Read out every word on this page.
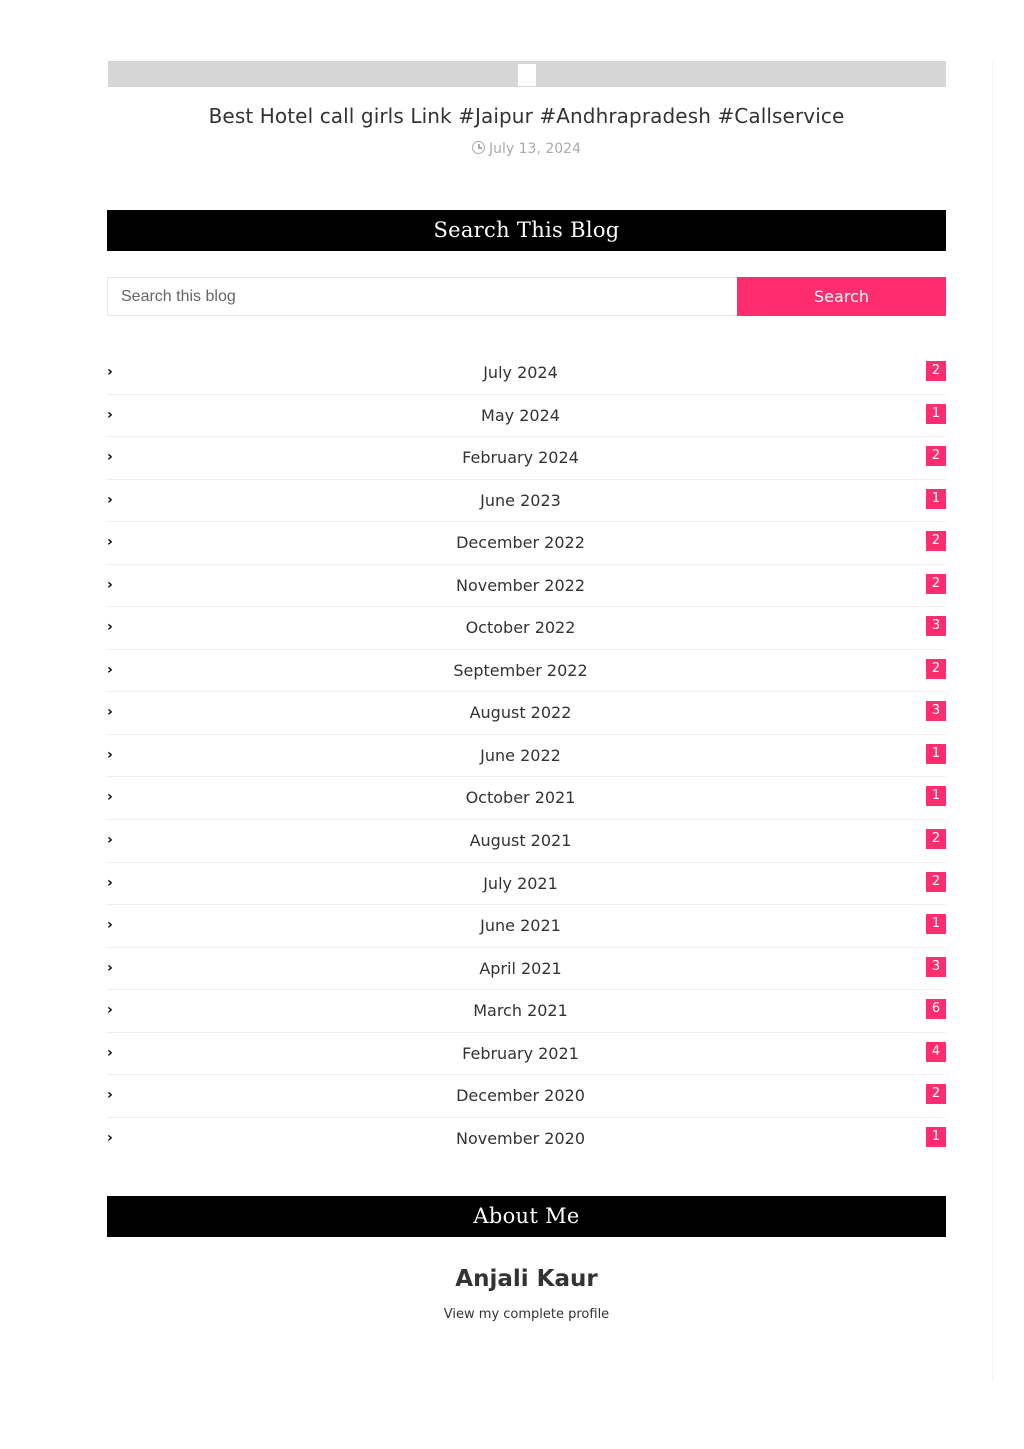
Best Hotel call girls Link #Jaipur #Andhrapradesh #Callservice
July 13, 2024
Search This Blog
Search this blog
Search
›	July 2024	2
›	May 2024	1
›	February 2024	2
›	June 2023	1
›	December 2022	2
›	November 2022	2
›	October 2022	3
›	September 2022	2
›	August 2022	3
›	June 2022	1
›	October 2021	1
›	August 2021	2
›	July 2021	2
›	June 2021	1
›	April 2021	3
›	March 2021	6
›	February 2021	4
›	December 2020	2
›	November 2020	1
About Me
Anjali Kaur
View my complete profile
